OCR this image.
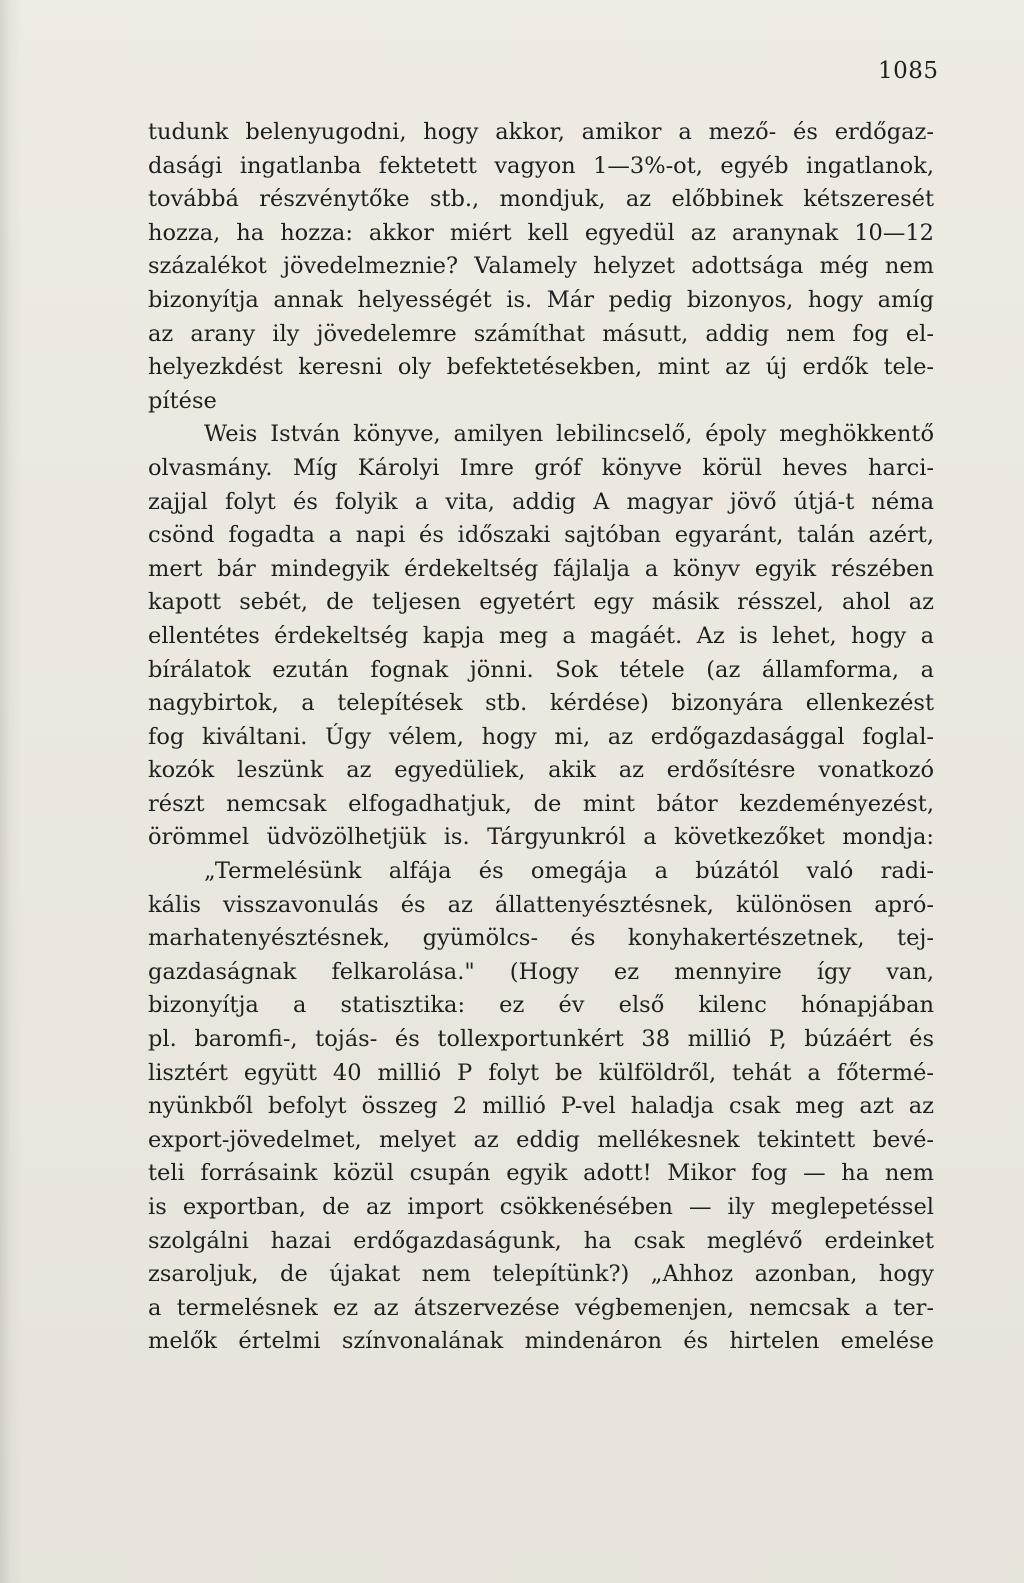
1085
tudunk belenyugodni, hogy akkor, amikor a mező- és erdőgaz-
dasági ingatlanba fektetett vagyon 1—3%-ot, egyéb ingatlanok,
továbbá részvénytőke stb., mondjuk, az előbbinek kétszeresét
hozza, ha hozza: akkor miért kell egyedül az aranynak 10—12
százalékot jövedelmeznie? Valamely helyzet adottsága még nem
bizonyítja annak helyességét is. Már pedig bizonyos, hogy amíg
az arany ily jövedelemre számíthat másutt, addig nem fog el-
helyezkdést keresni oly befektetésekben, mint az új erdők tele-
pítése
Weis István könyve, amilyen lebilincselő, époly meghökkentő
olvasmány. Míg Károlyi Imre gróf könyve körül heves harci-
zajjal folyt és folyik a vita, addig A magyar jövő útjá-t néma
csönd fogadta a napi és időszaki sajtóban egyaránt, talán azért,
mert bár mindegyik érdekeltség fájlalja a könyv egyik részében
kapott sebét, de teljesen egyetért egy másik résszel, ahol az
ellentétes érdekeltség kapja meg a magáét. Az is lehet, hogy a
bírálatok ezután fognak jönni. Sok tétele (az államforma, a
nagybirtok, a telepítések stb. kérdése) bizonyára ellenkezést
fog kiváltani. Úgy vélem, hogy mi, az erdőgazdasággal foglal-
kozók leszünk az egyedüliek, akik az erdősítésre vonatkozó
részt nemcsak elfogadhatjuk, de mint bátor kezdeményezést,
örömmel üdvözölhetjük is. Tárgyunkról a következőket mondja:
„Termelésünk alfája és omegája a búzától való radi-
kális visszavonulás és az állattenyésztésnek, különösen apró-
marhatenyésztésnek, gyümölcs- és konyhakertészetnek, tej-
gazdaságnak felkarolása." (Hogy ez mennyire így van,
bizonyítja a statisztika: ez év első kilenc hónapjában
pl. baromfi-, tojás- és tollexportunkért 38 millió P, búzáért és
lisztért együtt 40 millió P folyt be külföldről, tehát a főtermé-
nyünkből befolyt összeg 2 millió P-vel haladja csak meg azt az
export-jövedelmet, melyet az eddig mellékesnek tekintett bevé-
teli forrásaink közül csupán egyik adott! Mikor fog — ha nem
is exportban, de az import csökkenésében — ily meglepetéssel
szolgálni hazai erdőgazdaságunk, ha csak meglévő erdeinket
zsaroljuk, de újakat nem telepítünk?) „Ahhoz azonban, hogy
a termelésnek ez az átszervezése végbemenjen, nemcsak a ter-
melők értelmi színvonalának mindenáron és hirtelen emelése
